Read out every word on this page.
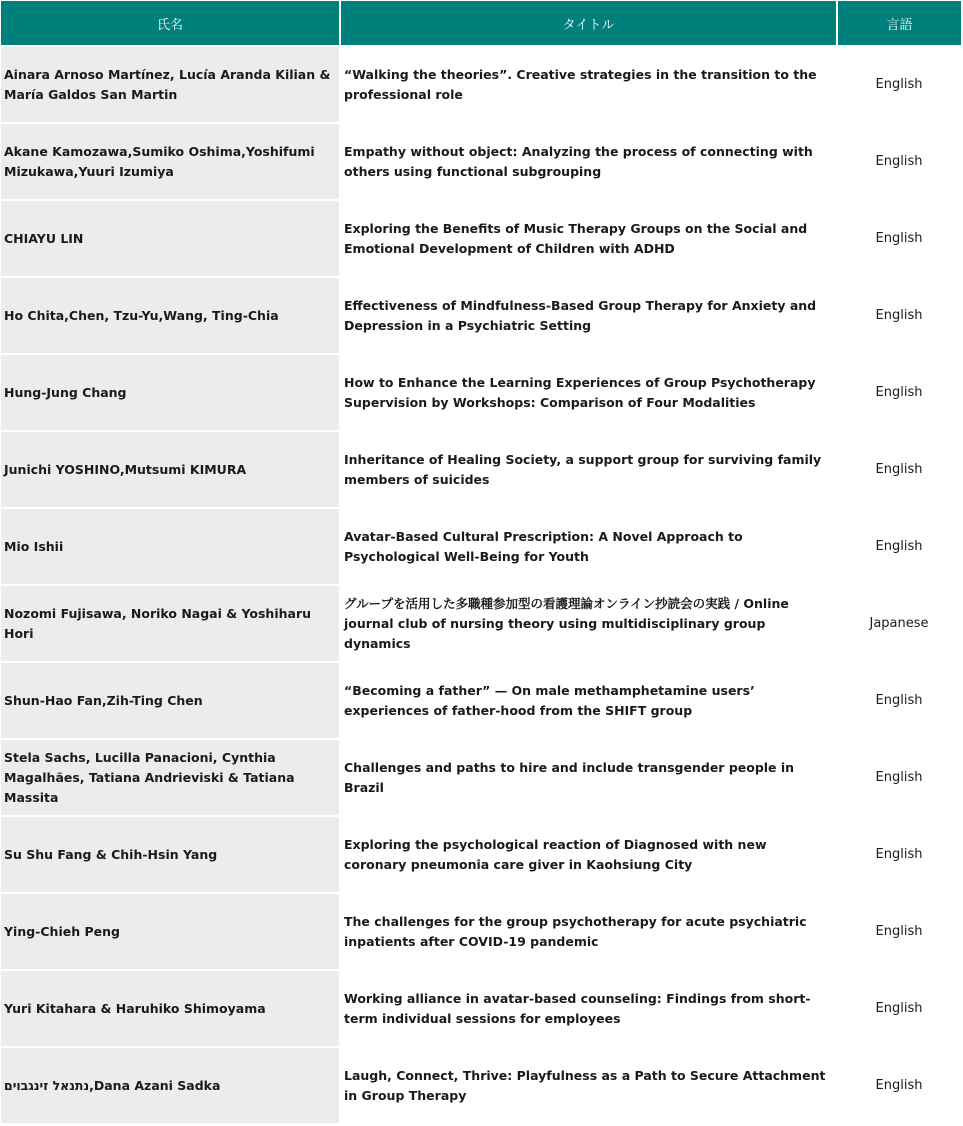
氏名	タイトル	言語
Ainara Arnoso Martínez, Lucía Aranda Kilian & María Galdos San Martin	“Walking the theories”. Creative strategies in the transition to the professional role	English
Akane Kamozawa,Sumiko Oshima,Yoshifumi Mizukawa,Yuuri Izumiya	Empathy without object: Analyzing the process of connecting with others using functional subgrouping	English
CHIAYU LIN	Exploring the Benefits of Music Therapy Groups on the Social and Emotional Development of Children with ADHD	English
Ho Chita,Chen, Tzu-Yu,Wang, Ting-Chia	Effectiveness of Mindfulness-Based Group Therapy for Anxiety and Depression in a Psychiatric Setting	English
Hung-Jung Chang	How to Enhance the Learning Experiences of Group Psychotherapy Supervision by Workshops: Comparison of Four Modalities	English
Junichi YOSHINO,Mutsumi KIMURA	Inheritance of Healing Society, a support group for surviving family members of suicides	English
Mio Ishii	Avatar-Based Cultural Prescription: A Novel Approach to Psychological Well-Being for Youth	English
Nozomi Fujisawa, Noriko Nagai & Yoshiharu Hori	グループを活用した多職種参加型の看護理論オンライン抄読会の実践 / Online journal club of nursing theory using multidisciplinary group dynamics	Japanese
Shun-Hao Fan,Zih-Ting Chen	“Becoming a father” — On male methamphetamine users’ experiences of father-hood from the SHIFT group	English
Stela Sachs, Lucilla Panacioni, Cynthia Magalhães, Tatiana Andrieviski & Tatiana Massita	Challenges and paths to hire and include transgender people in Brazil	English
Su Shu Fang & Chih-Hsin Yang	Exploring the psychological reaction of Diagnosed with new coronary pneumonia care giver in Kaohsiung City	English
Ying-Chieh Peng	The challenges for the group psychotherapy for acute psychiatric inpatients after COVID-19 pandemic	English
Yuri Kitahara & Haruhiko Shimoyama	Working alliance in avatar-based counseling: Findings from short-term individual sessions for employees	English
נתנאל זינגבוים,Dana Azani Sadka	Laugh, Connect, Thrive: Playfulness as a Path to Secure Attachment in Group Therapy	English
